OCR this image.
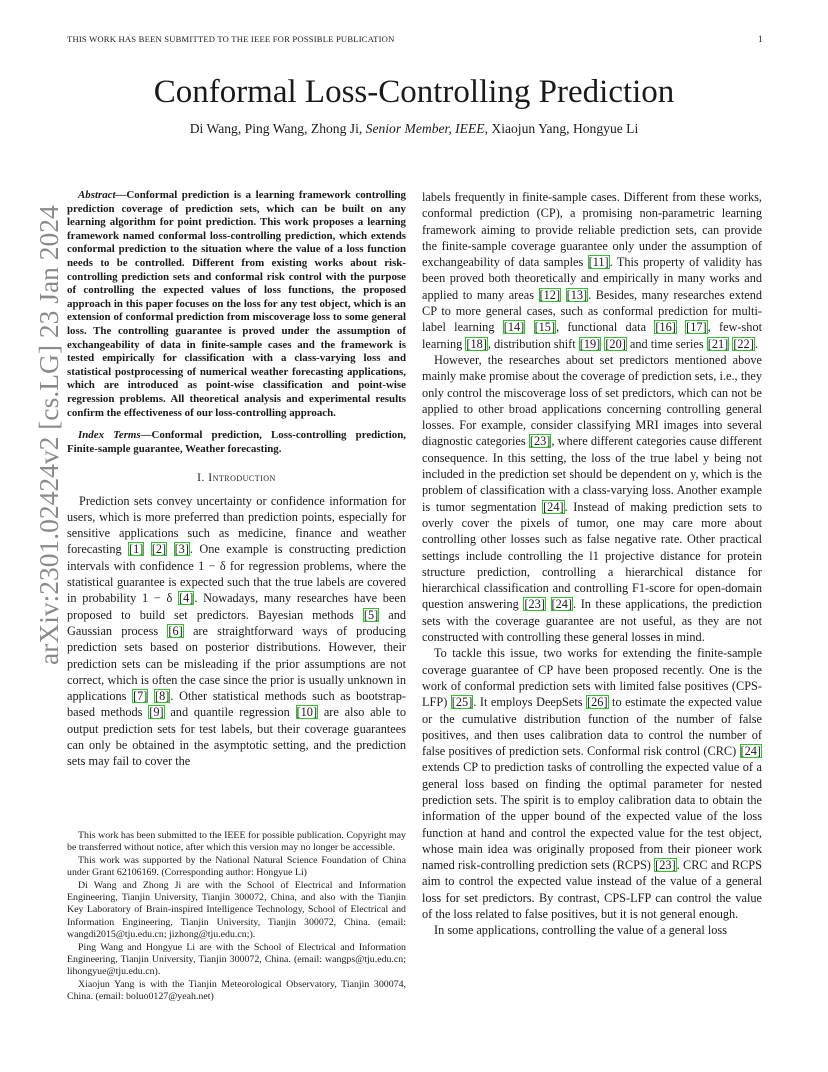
THIS WORK HAS BEEN SUBMITTED TO THE IEEE FOR POSSIBLE PUBLICATION	1
arXiv:2301.02424v2 [cs.LG] 23 Jan 2024
Conformal Loss-Controlling Prediction
Di Wang, Ping Wang, Zhong Ji, Senior Member, IEEE, Xiaojun Yang, Hongyue Li

Abstract—Conformal prediction is a learning framework controlling prediction coverage of prediction sets, which can be built on any learning algorithm for point prediction. This work proposes a learning framework named conformal loss-controlling prediction, which extends conformal prediction to the situation where the value of a loss function needs to be controlled. Different from existing works about risk-controlling prediction sets and conformal risk control with the purpose of controlling the expected values of loss functions, the proposed approach in this paper focuses on the loss for any test object, which is an extension of conformal prediction from miscoverage loss to some general loss. The controlling guarantee is proved under the assumption of exchangeability of data in finite-sample cases and the framework is tested empirically for classification with a class-varying loss and statistical postprocessing of numerical weather forecasting applications, which are introduced as point-wise classification and point-wise regression problems. All theoretical analysis and experimental results confirm the effectiveness of our loss-controlling approach.

Index Terms—Conformal prediction, Loss-controlling prediction, Finite-sample guarantee, Weather forecasting.

I. Introduction

Prediction sets convey uncertainty or confidence information for users, which is more preferred than prediction points, especially for sensitive applications such as medicine, finance and weather forecasting [1] [2] [3]. One example is constructing prediction intervals with confidence 1 − δ for regression problems, where the statistical guarantee is expected such that the true labels are covered in probability 1 − δ [4]. Nowadays, many researches have been proposed to build set predictors. Bayesian methods [5] and Gaussian process [6] are straightforward ways of producing prediction sets based on posterior distributions. However, their prediction sets can be misleading if the prior assumptions are not correct, which is often the case since the prior is usually unknown in applications [7] [8]. Other statistical methods such as bootstrap-based methods [9] and quantile regression [10] are also able to output prediction sets for test labels, but their coverage guarantees can only be obtained in the asymptotic setting, and the prediction sets may fail to cover the

This work has been submitted to the IEEE for possible publication. Copyright may be transferred without notice, after which this version may no longer be accessible.

This work was supported by the National Natural Science Foundation of China under Grant 62106169. (Corresponding author: Hongyue Li)

Di Wang and Zhong Ji are with the School of Electrical and Information Engineering, Tianjin University, Tianjin 300072, China, and also with the Tianjin Key Laboratory of Brain-inspired Intelligence Technology, School of Electrical and Information Engineering, Tianjin University, Tianjin 300072, China. (email: wangdi2015@tju.edu.cn; jizhong@tju.edu.cn;).

Ping Wang and Hongyue Li are with the School of Electrical and Information Engineering, Tianjin University, Tianjin 300072, China. (email: wangps@tju.edu.cn; lihongyue@tju.edu.cn).

Xiaojun Yang is with the Tianjin Meteorological Observatory, Tianjin 300074, China. (email: boluo0127@yeah.net)

labels frequently in finite-sample cases. Different from these works, conformal prediction (CP), a promising non-parametric learning framework aiming to provide reliable prediction sets, can provide the finite-sample coverage guarantee only under the assumption of exchangeability of data samples [11]. This property of validity has been proved both theoretically and empirically in many works and applied to many areas [12] [13]. Besides, many researches extend CP to more general cases, such as conformal prediction for multi-label learning [14] [15], functional data [16] [17], few-shot learning [18], distribution shift [19] [20] and time series [21] [22].

However, the researches about set predictors mentioned above mainly make promise about the coverage of prediction sets, i.e., they only control the miscoverage loss of set predictors, which can not be applied to other broad applications concerning controlling general losses. For example, consider classifying MRI images into several diagnostic categories [23], where different categories cause different consequence. In this setting, the loss of the true label y being not included in the prediction set should be dependent on y, which is the problem of classification with a class-varying loss. Another example is tumor segmentation [24]. Instead of making prediction sets to overly cover the pixels of tumor, one may care more about controlling other losses such as false negative rate. Other practical settings include controlling the l1 projective distance for protein structure prediction, controlling a hierarchical distance for hierarchical classification and controlling F1-score for open-domain question answering [23] [24]. In these applications, the prediction sets with the coverage guarantee are not useful, as they are not constructed with controlling these general losses in mind.

To tackle this issue, two works for extending the finite-sample coverage guarantee of CP have been proposed recently. One is the work of conformal prediction sets with limited false positives (CPS-LFP) [25]. It employs DeepSets [26] to estimate the expected value or the cumulative distribution function of the number of false positives, and then uses calibration data to control the number of false positives of prediction sets. Conformal risk control (CRC) [24] extends CP to prediction tasks of controlling the expected value of a general loss based on finding the optimal parameter for nested prediction sets. The spirit is to employ calibration data to obtain the information of the upper bound of the expected value of the loss function at hand and control the expected value for the test object, whose main idea was originally proposed from their pioneer work named risk-controlling prediction sets (RCPS) [23]. CRC and RCPS aim to control the expected value instead of the value of a general loss for set predictors. By contrast, CPS-LFP can control the value of the loss related to false positives, but it is not general enough.

In some applications, controlling the value of a general loss
